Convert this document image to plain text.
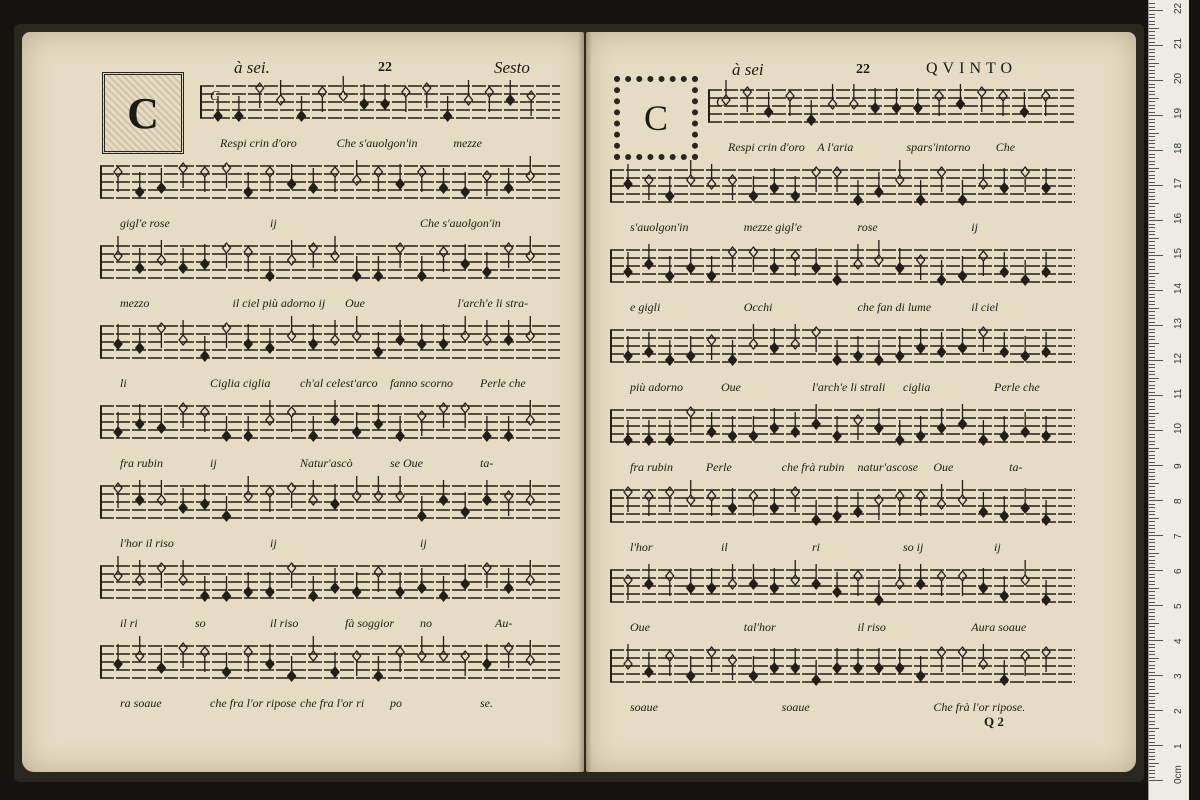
C
à sei.	22	Sesto
C
C
à sei	22	QVINTO
C
Q 2
Respi crin d'oro	Che s'auolgon'in	mezze
gigl'e rose	ij	Che s'auolgon'in
mezzo	il ciel più adorno ij Oue	l'arch'e li stra-
li	Ciglia ciglia ch'al celest'arco fanno scorno Perle che
fra rubin	ij	Natur'ascò	se Oue	ta-
l'hor il riso	ij	ij
il ri	so	il riso	fà soggior no	Au-
ra soaue	che fra l'or ripose che fra l'or ri po	se.
Respi crin d'oro A l'aria	spars'intorno Che
s'auolgon'in	mezze gigl'e	rose	ij
e gigli	Occhi	che fan di lume	il ciel
più adorno	Oue	l'arch'e li strali ciglia	Perle che
fra rubin	Perle	che frà rubin natur'ascose Oue	ta-
l'hor	il	ri	so ij	ij
Oue	tal'hor	il riso	Aura soaue
soaue	soaue	Che frà l'or ripose.
0cm
1
2
3
4
5
6
7
8
9
10
11
12
13
14
15
16
17
18
19
20
21
22
